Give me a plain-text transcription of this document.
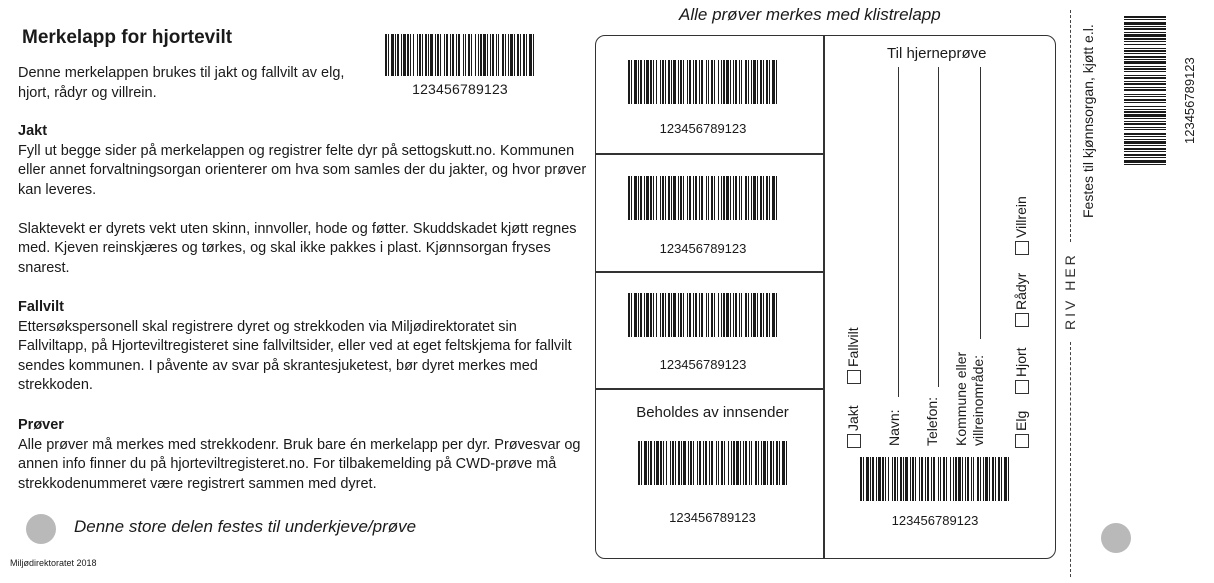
Merkelapp for hjortevilt
Denne merkelappen brukes til jakt og fallvilt av elg, hjort, rådyr og villrein.	123456789123
Jakt

Fyll ut begge sider på merkelappen og registrer felte dyr på settogskutt.no. Kommunen eller annet forvaltningsorgan orienterer om hva som samles der du jakter, og hvor prøver kan leveres.

Slaktevekt er dyrets vekt uten skinn, innvoller, hode og føtter. Skuddskadet kjøtt regnes med. Kjeven reinskjæres og tørkes, og skal ikke pakkes i plast. Kjønnsorgan fryses snarest.

Fallvilt

Ettersøkspersonell skal registrere dyret og strekkoden via Miljødirektoratet sin Fallviltapp, på Hjorteviltregisteret sine fallviltsider, eller ved at eget feltskjema for fallvilt sendes kommunen. I påvente av svar på skrantesjuketest, bør dyret merkes med strekkoden.

Prøver

Alle prøver må merkes med strekkodenr. Bruk bare én merkelapp per dyr. Prøvesvar og annen info finner du på hjorteviltregisteret.no. For tilbakemelding på CWD-prøve må strekkodenummeret være registrert sammen med dyret.

Denne store delen festes til underkjeve/prøve
Miljødirektoratet 2018
Alle prøver merkes med klistrelapp
123456789123
123456789123
123456789123
Beholdes av innsender
123456789123
Til hjerneprøve
Jakt
Fallvilt
Navn: Telefon: Kommune eller villreinområde: Elg
Hjort
Rådyr
Villrein
123456789123
RIV HER
Festes til kjønnsorgan, kjøtt e.l.	123456789123
